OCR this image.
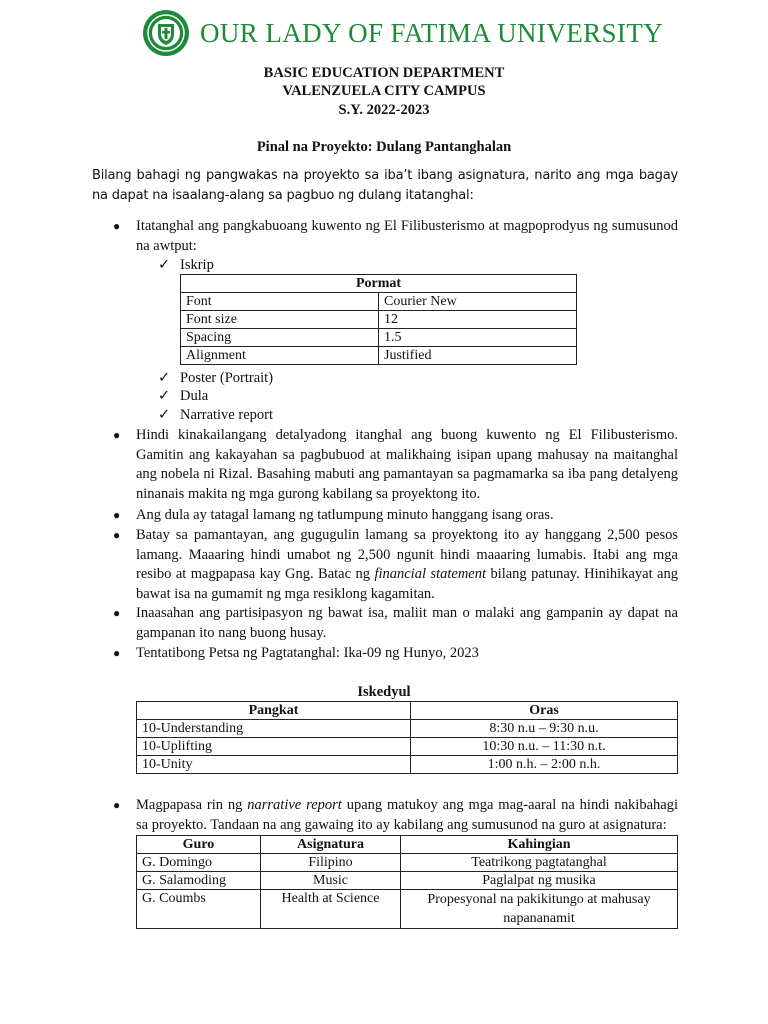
OUR LADY OF FATIMA UNIVERSITY
BASIC EDUCATION DEPARTMENT
VALENZUELA CITY CAMPUS
S.Y. 2022-2023
Pinal na Proyekto: Dulang Pantanghalan
Bilang bahagi ng pangwakas na proyekto sa iba’t ibang asignatura, narito ang mga bagay na dapat na isaalang-alang sa pagbuo ng dulang itatanghal:
● Itatanghal ang pangkabuoang kuwento ng El Filibusterismo at magpoprodyus ng sumusunod na awtput:
✓ Iskrip
Pormat	
Font	Courier New
Font size	12
Spacing	1.5
Alignment	Justified
✓ Poster (Portrait)
✓ Dula
✓ Narrative report
● Hindi kinakailangang detalyadong itanghal ang buong kuwento ng El Filibusterismo. Gamitin ang kakayahan sa pagbubuod at malikhaing isipan upang mahusay na maitanghal ang nobela ni Rizal. Basahing mabuti ang pamantayan sa pagmamarka sa iba pang detalyeng ninanais makita ng mga gurong kabilang sa proyektong ito.
● Ang dula ay tatagal lamang ng tatlumpung minuto hanggang isang oras.
● Batay sa pamantayan, ang gugugulin lamang sa proyektong ito ay hanggang 2,500 pesos lamang. Maaaring hindi umabot ng 2,500 ngunit hindi maaaring lumabis. Itabi ang mga resibo at magpapasa kay Gng. Batac ng financial statement bilang patunay. Hinihikayat ang bawat isa na gumamit ng mga resiklong kagamitan.
● Inaasahan ang partisipasyon ng bawat isa, maliit man o malaki ang gampanin ay dapat na gampanan ito nang buong husay.
● Tentatibong Petsa ng Pagtatanghal: Ika-09 ng Hunyo, 2023
Iskedyul
Pangkat	Oras
10-Understanding	8:30 n.u – 9:30 n.u.
10-Uplifting	10:30 n.u. – 11:30 n.t.
10-Unity	1:00 n.h. – 2:00 n.h.
● Magpapasa rin ng narrative report upang matukoy ang mga mag-aaral na hindi nakibahagi sa proyekto. Tandaan na ang gawaing ito ay kabilang ang sumusunod na guro at asignatura:
Guro	Asignatura	Kahingian
G. Domingo	Filipino	Teatrikong pagtatanghal
G. Salamoding	Music	Paglalpat ng musika
G. Coumbs	Health at Science	Propesyonal na pakikitungo at mahusay napananamit
